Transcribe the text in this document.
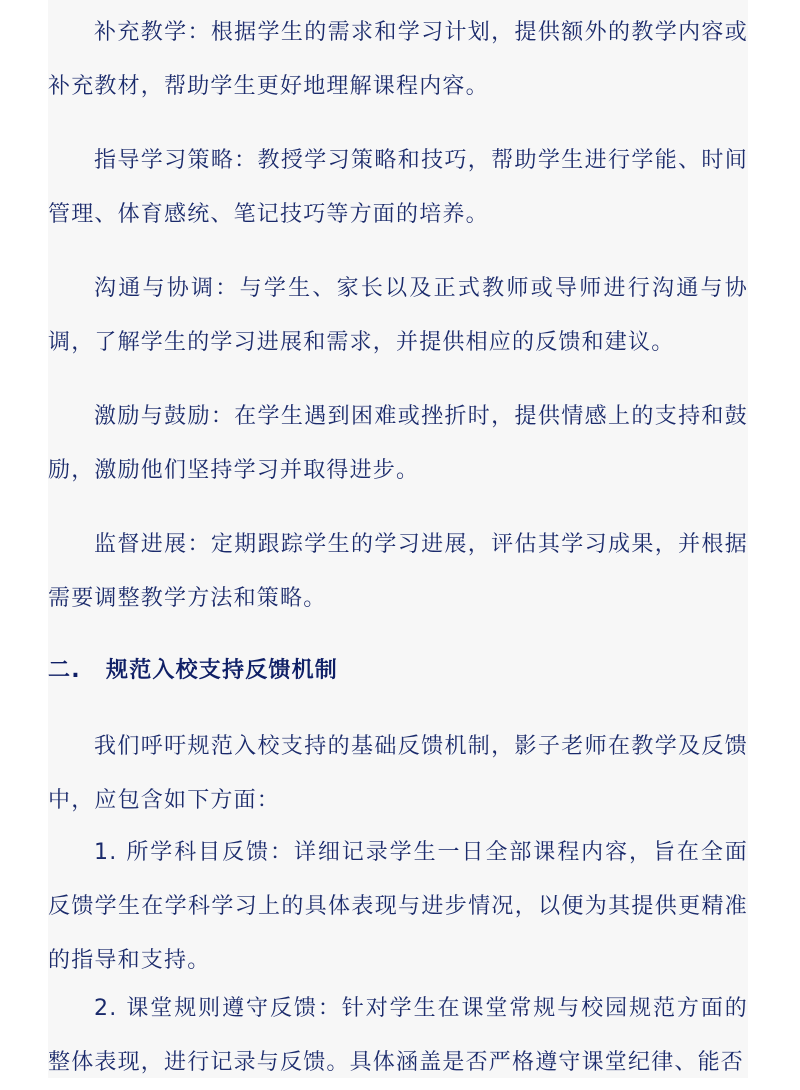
补充教学：根据学生的需求和学习计划，提供额外的教学内容或补充教材，帮助学生更好地理解课程内容。

指导学习策略：教授学习策略和技巧，帮助学生进行学能、时间管理、体育感统、笔记技巧等方面的培养。

沟通与协调：与学生、家长以及正式教师或导师进行沟通与协调，了解学生的学习进展和需求，并提供相应的反馈和建议。

激励与鼓励：在学生遇到困难或挫折时，提供情感上的支持和鼓励，激励他们坚持学习并取得进步。

监督进展：定期跟踪学生的学习进展，评估其学习成果，并根据需要调整教学方法和策略。

二. 规范入校支持反馈机制

我们呼吁规范入校支持的基础反馈机制，影子老师在教学及反馈中，应包含如下方面：

1. 所学科目反馈：详细记录学生一日全部课程内容，旨在全面反馈学生在学科学习上的具体表现与进步情况，以便为其提供更精准的指导和支持。

2. 课堂规则遵守反馈：针对学生在课堂常规与校园规范方面的整体表现，进行记录与反馈。具体涵盖是否严格遵守课堂纪律、能否
